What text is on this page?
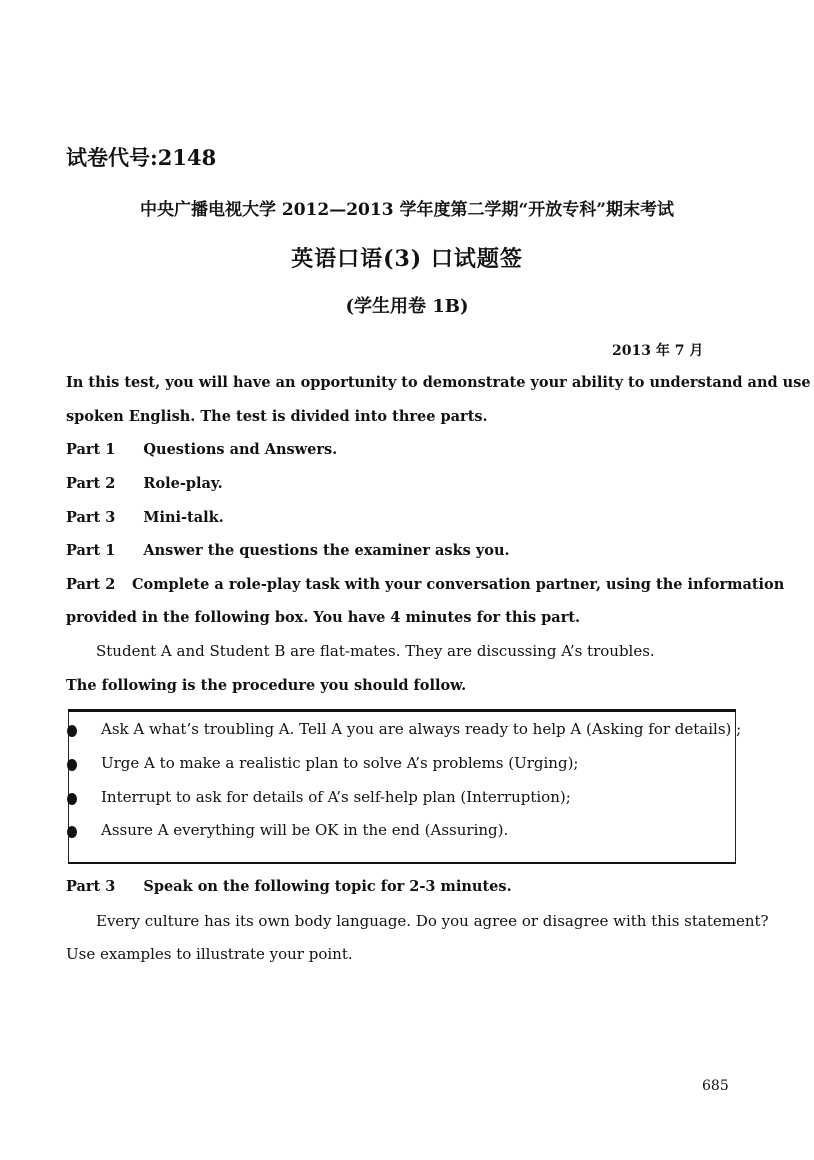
试卷代号:2148
中央广播电视大学 2012—2013 学年度第二学期“开放专科”期末考试
英语口语(3) 口试题签
(学生用卷 1B)
2013 年 7 月
In this test, you will have an opportunity to demonstrate your ability to understand and use
spoken English. The test is divided into three parts.
Part 1 Questions and Answers.
Part 2 Role-play.
Part 3 Mini-talk.
Part 1 Answer the questions the examiner asks you.
Part 2 Complete a role-play task with your conversation partner, using the information
provided in the following box. You have 4 minutes for this part.
Student A and Student B are flat-mates. They are discussing A’s troubles.
The following is the procedure you should follow.
Ask A what’s troubling A. Tell A you are always ready to help A (Asking for details) ;
Urge A to make a realistic plan to solve A’s problems (Urging);
Interrupt to ask for details of A’s self-help plan (Interruption);
Assure A everything will be OK in the end (Assuring).
Part 3 Speak on the following topic for 2-3 minutes.
Every culture has its own body language. Do you agree or disagree with this statement?
Use examples to illustrate your point.
685
